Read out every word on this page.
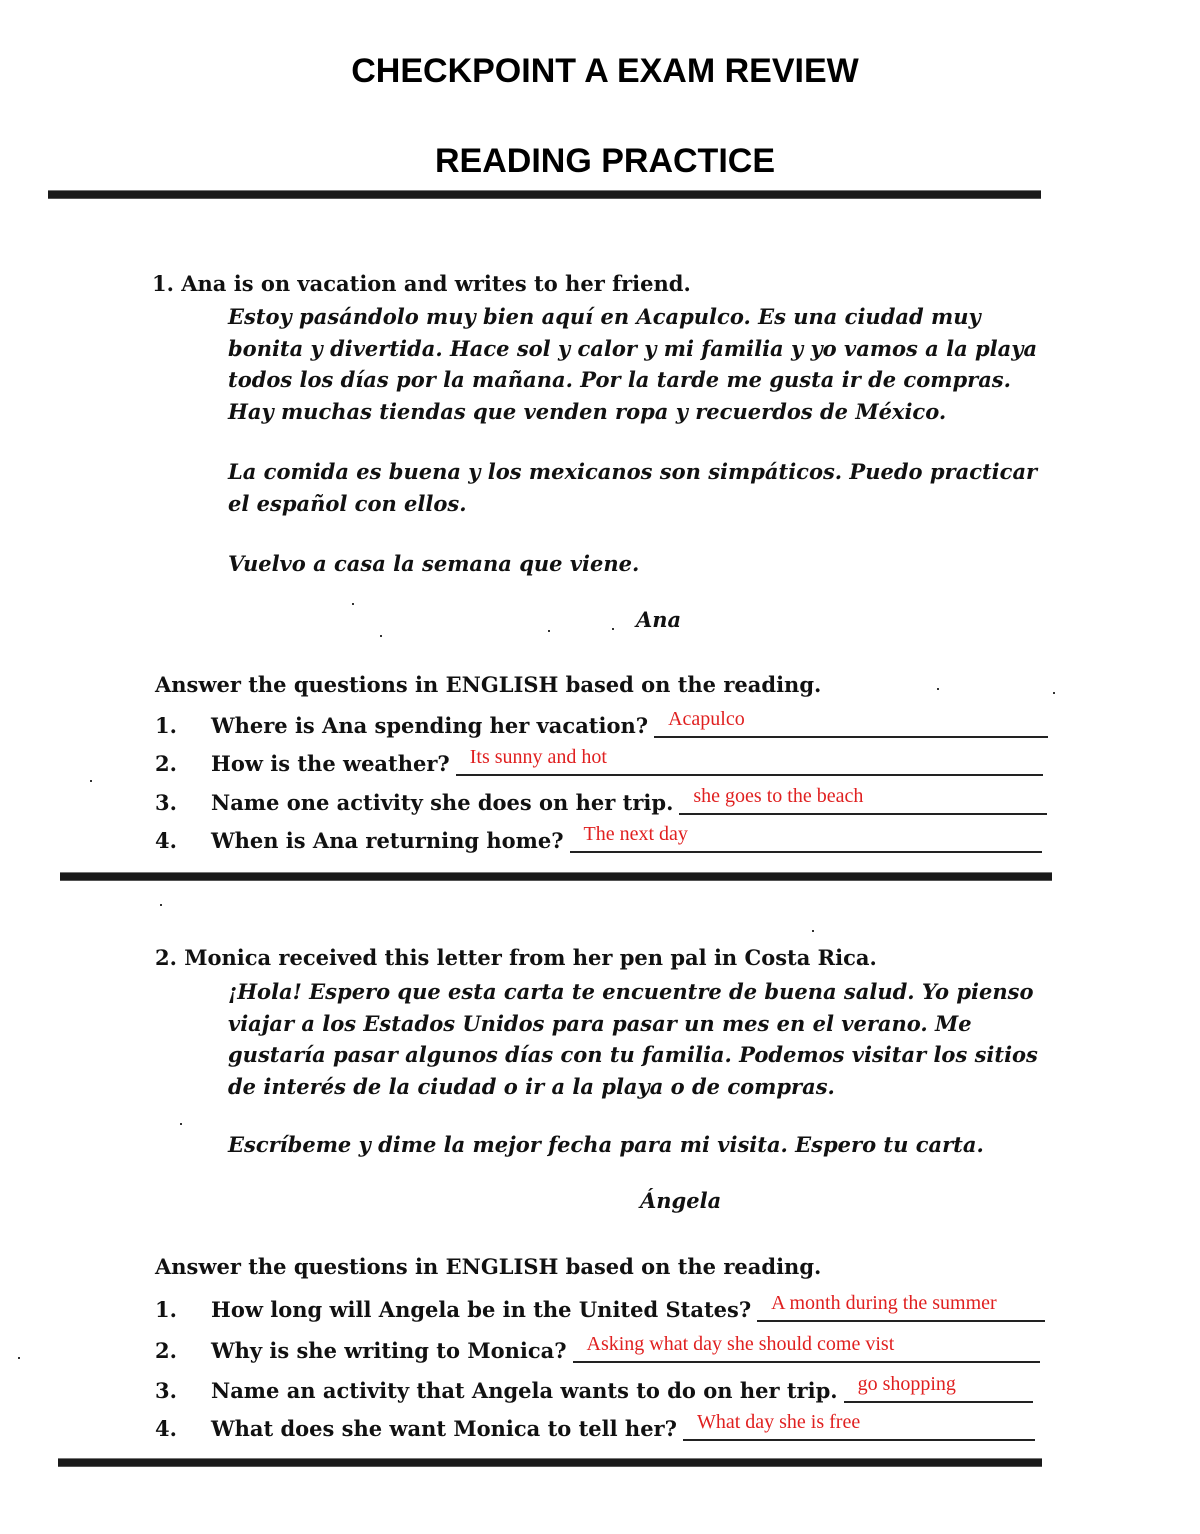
CHECKPOINT A EXAM REVIEW
READING PRACTICE
1. Ana is on vacation and writes to her friend.
Estoy pasándolo muy bien aquí en Acapulco. Es una ciudad muy bonita y divertida. Hace sol y calor y mi familia y yo vamos a la playa todos los días por la mañana. Por la tarde me gusta ir de compras. Hay muchas tiendas que venden ropa y recuerdos de México.
La comida es buena y los mexicanos son simpáticos. Puedo practicar el español con ellos.
Vuelvo a casa la semana que viene.
Ana
Answer the questions in ENGLISH based on the reading.
1.	Where is Ana spending her vacation? Acapulco
2.	How is the weather? Its sunny and hot
3.	Name one activity she does on her trip. she goes to the beach
4.	When is Ana returning home? The next day
2. Monica received this letter from her pen pal in Costa Rica.
¡Hola! Espero que esta carta te encuentre de buena salud. Yo pienso viajar a los Estados Unidos para pasar un mes en el verano. Me gustaría pasar algunos días con tu familia. Podemos visitar los sitios de interés de la ciudad o ir a la playa o de compras.
Escríbeme y dime la mejor fecha para mi visita. Espero tu carta.
Ángela
Answer the questions in ENGLISH based on the reading.
1.	How long will Angela be in the United States? A month during the summer
2.	Why is she writing to Monica? Asking what day she should come vist
3.	Name an activity that Angela wants to do on her trip. go shopping
4.	What does she want Monica to tell her? What day she is free
